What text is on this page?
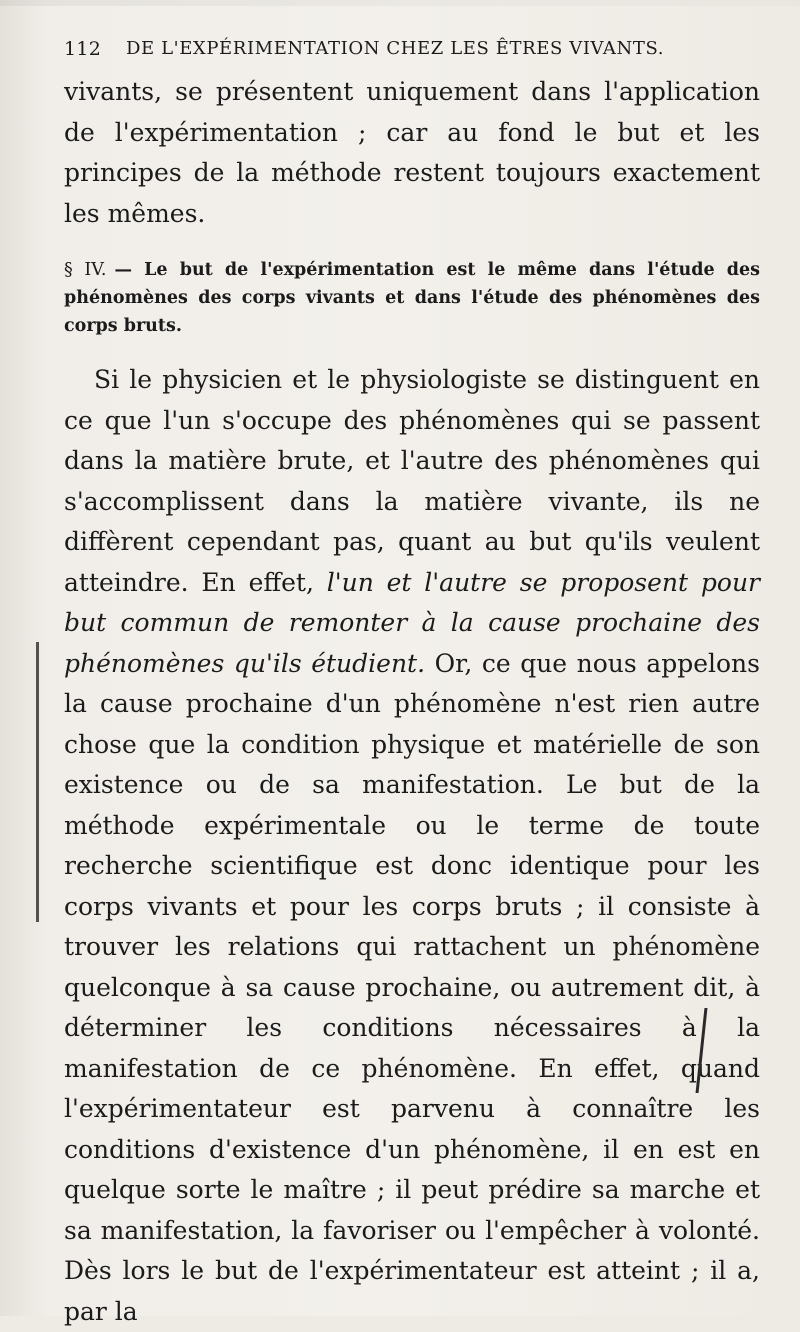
112	DE L'EXPÉRIMENTATION CHEZ LES ÊTRES VIVANTS.

vivants, se présentent uniquement dans l'application de l'expérimentation ; car au fond le but et les principes de la méthode restent toujours exactement les mêmes.

§ IV. — Le but de l'expérimentation est le même dans l'étude des phénomènes des corps vivants et dans l'étude des phénomènes des corps bruts.

Si le physicien et le physiologiste se distinguent en ce que l'un s'occupe des phénomènes qui se passent dans la matière brute, et l'autre des phénomènes qui s'accomplissent dans la matière vivante, ils ne diffèrent cependant pas, quant au but qu'ils veulent atteindre. En effet, l'un et l'autre se proposent pour but commun de remonter à la cause prochaine des phénomènes qu'ils étudient. Or, ce que nous appelons la cause prochaine d'un phénomène n'est rien autre chose que la condition physique et matérielle de son existence ou de sa manifestation. Le but de la méthode expérimentale ou le terme de toute recherche scientifique est donc identique pour les corps vivants et pour les corps bruts ; il consiste à trouver les relations qui rattachent un phénomène quelconque à sa cause prochaine, ou autrement dit, à déterminer les conditions nécessaires à la manifestation de ce phénomène. En effet, quand l'expérimentateur est parvenu à connaître les conditions d'existence d'un phénomène, il en est en quelque sorte le maître ; il peut prédire sa marche et sa manifestation, la favoriser ou l'empêcher à volonté. Dès lors le but de l'expérimentateur est atteint ; il a, par la
